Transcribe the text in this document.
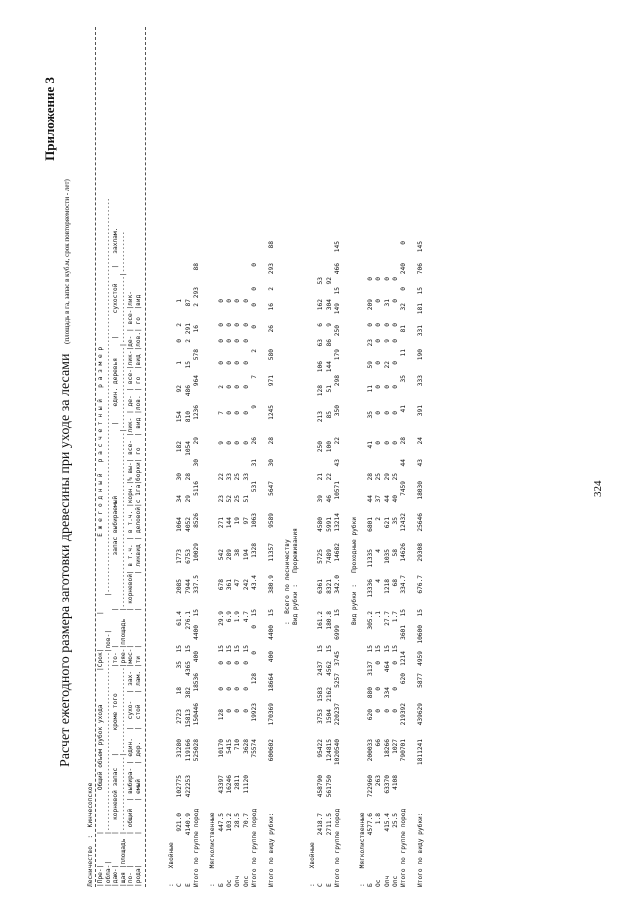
Приложение 3
Расчет ежегодного размера заготовки древесины при уходе за лесами (площадь в га, запас в куб.м, срок повторяемости - лет)
Лесничество  :  Кинчесопское |Пре-|        |           Общий объем рубок ухода         |Срок|         |                    Е ж е г о д н ы й   р а с ч е т н ы й   р а з м е р |обла-|       |------------------------------------------------|пов-|         |---------------------------------------------------------------------------------------------------------- |даю-|        |   корневой запас   |      кроме того       |то- |         |              запас выбираемый                   |    един. деревья     |      сухостой    |   захлам. |щая |площадь |--------------------|-----------------------|ряе-|площадь  |-----------------------------------------------|----------------------|------------------|----------- |по- |        | общий  | выбира- | един.  |  сухо-  | зах- |мос-|         | корневой| в т.ч. | в т.ч. |корн.|% вы-| все- |лик- | де- | все-|лик-|де- | все-|лик- |рода|        |        | емый    | дер.   |  стой   | лам. |ти  |         |         | ликвид | деловой|с 1га|борки| го   | вид |лов. | го  |вид |лов.| го  |вид	:    Хвойные С
921.0
102775
31280
2723
18
35
15
61.4
2085
1773
1064
34
30
182
154
92
1
0
2
1
Е
4140.9
422253
119166
15813
382
4365
15
276.1
7944
6753
4052
29
28
1054
810
486
15
2
291
87
Итого по группе пород
525028
150446
18536
400
4400
15
337.5
10029
8526
5116
30
29
1236
964
578
16
2
293
88
:    Мягколиственные Б
447.5
43397
10170
128
0
0
15
29.9
678
542
271
23
22
9
7
2
0
0
0
0
Ос
103.2
16246
5415
0
0
0
15
6.9
361
289
144
52
33
0
0
0
0
0
0
0
Олч
28.5
2811
710
0
0
0
15
1.9
47
38
19
25
25
0
0
0
0
0
0
0
Олс
70.7
11120
3628
0
0
0
15
4.7
242
194
97
51
33
0
0
0
0
0
0
0
Итого по группе пород
75574
19923
128
0
0
15
43.4
1328
1063
531
31
26
9
7
2
0
0
0
0
Итого по виду рубки:
600602
170369
18664
400
4400
15
380.9
11357
9589
5647
30
28
1245
971
580
26
16
2
293
88
:  Всего по лесничеству Вид рубки :   Прореживания
:    Хвойные С
2418.7
458790
95422
3753
1583
2437
15
161.2
6361
5725
4580
39
21
250
213
128
106
63
6
162
53
Е
2711.5
561750
124815
1504
2162
4562
15
180.8
8321
7489
5991
46
22
100
85
51
144
86
9
304
92
Итого по группе пород
1020540
220237
5257
3745
6999
15
342.0
14682
13214
10571
43
22
350
298
179
250
149
15
466
145
Вид рубки :   Проходные рубки
:    Мягколиственные Б
4577.6
722960
200033
620
880
3137
15
305.2
13336
11335
6801
44
28
41
35
11
59
23
0
209
0
Ос
1.8
263
66
0
0
0
15
.1
4
4
2
37
25
0
0
0
0
0
0
0
0
Олч
415.4
63370
18266
0
334
464
15
27.7
1218
1035
621
44
29
0
0
0
22
9
0
31
0
Олс
25.5
4108
1027
0
0
0
15
1.7
68
58
35
40
25
0
0
0
0
0
0
0
0
Итого по группе пород
790701
219392
620
1214
3601
15
334.7
14626
12432
7459
44
28
41
35
11
81
32
0
240
0
Итого по виду рубки:
1811241
439629
5877
4959
10600
15
676.7
29308
25646
18030
43
24
391
333
190
331
181
15
706
145
324
